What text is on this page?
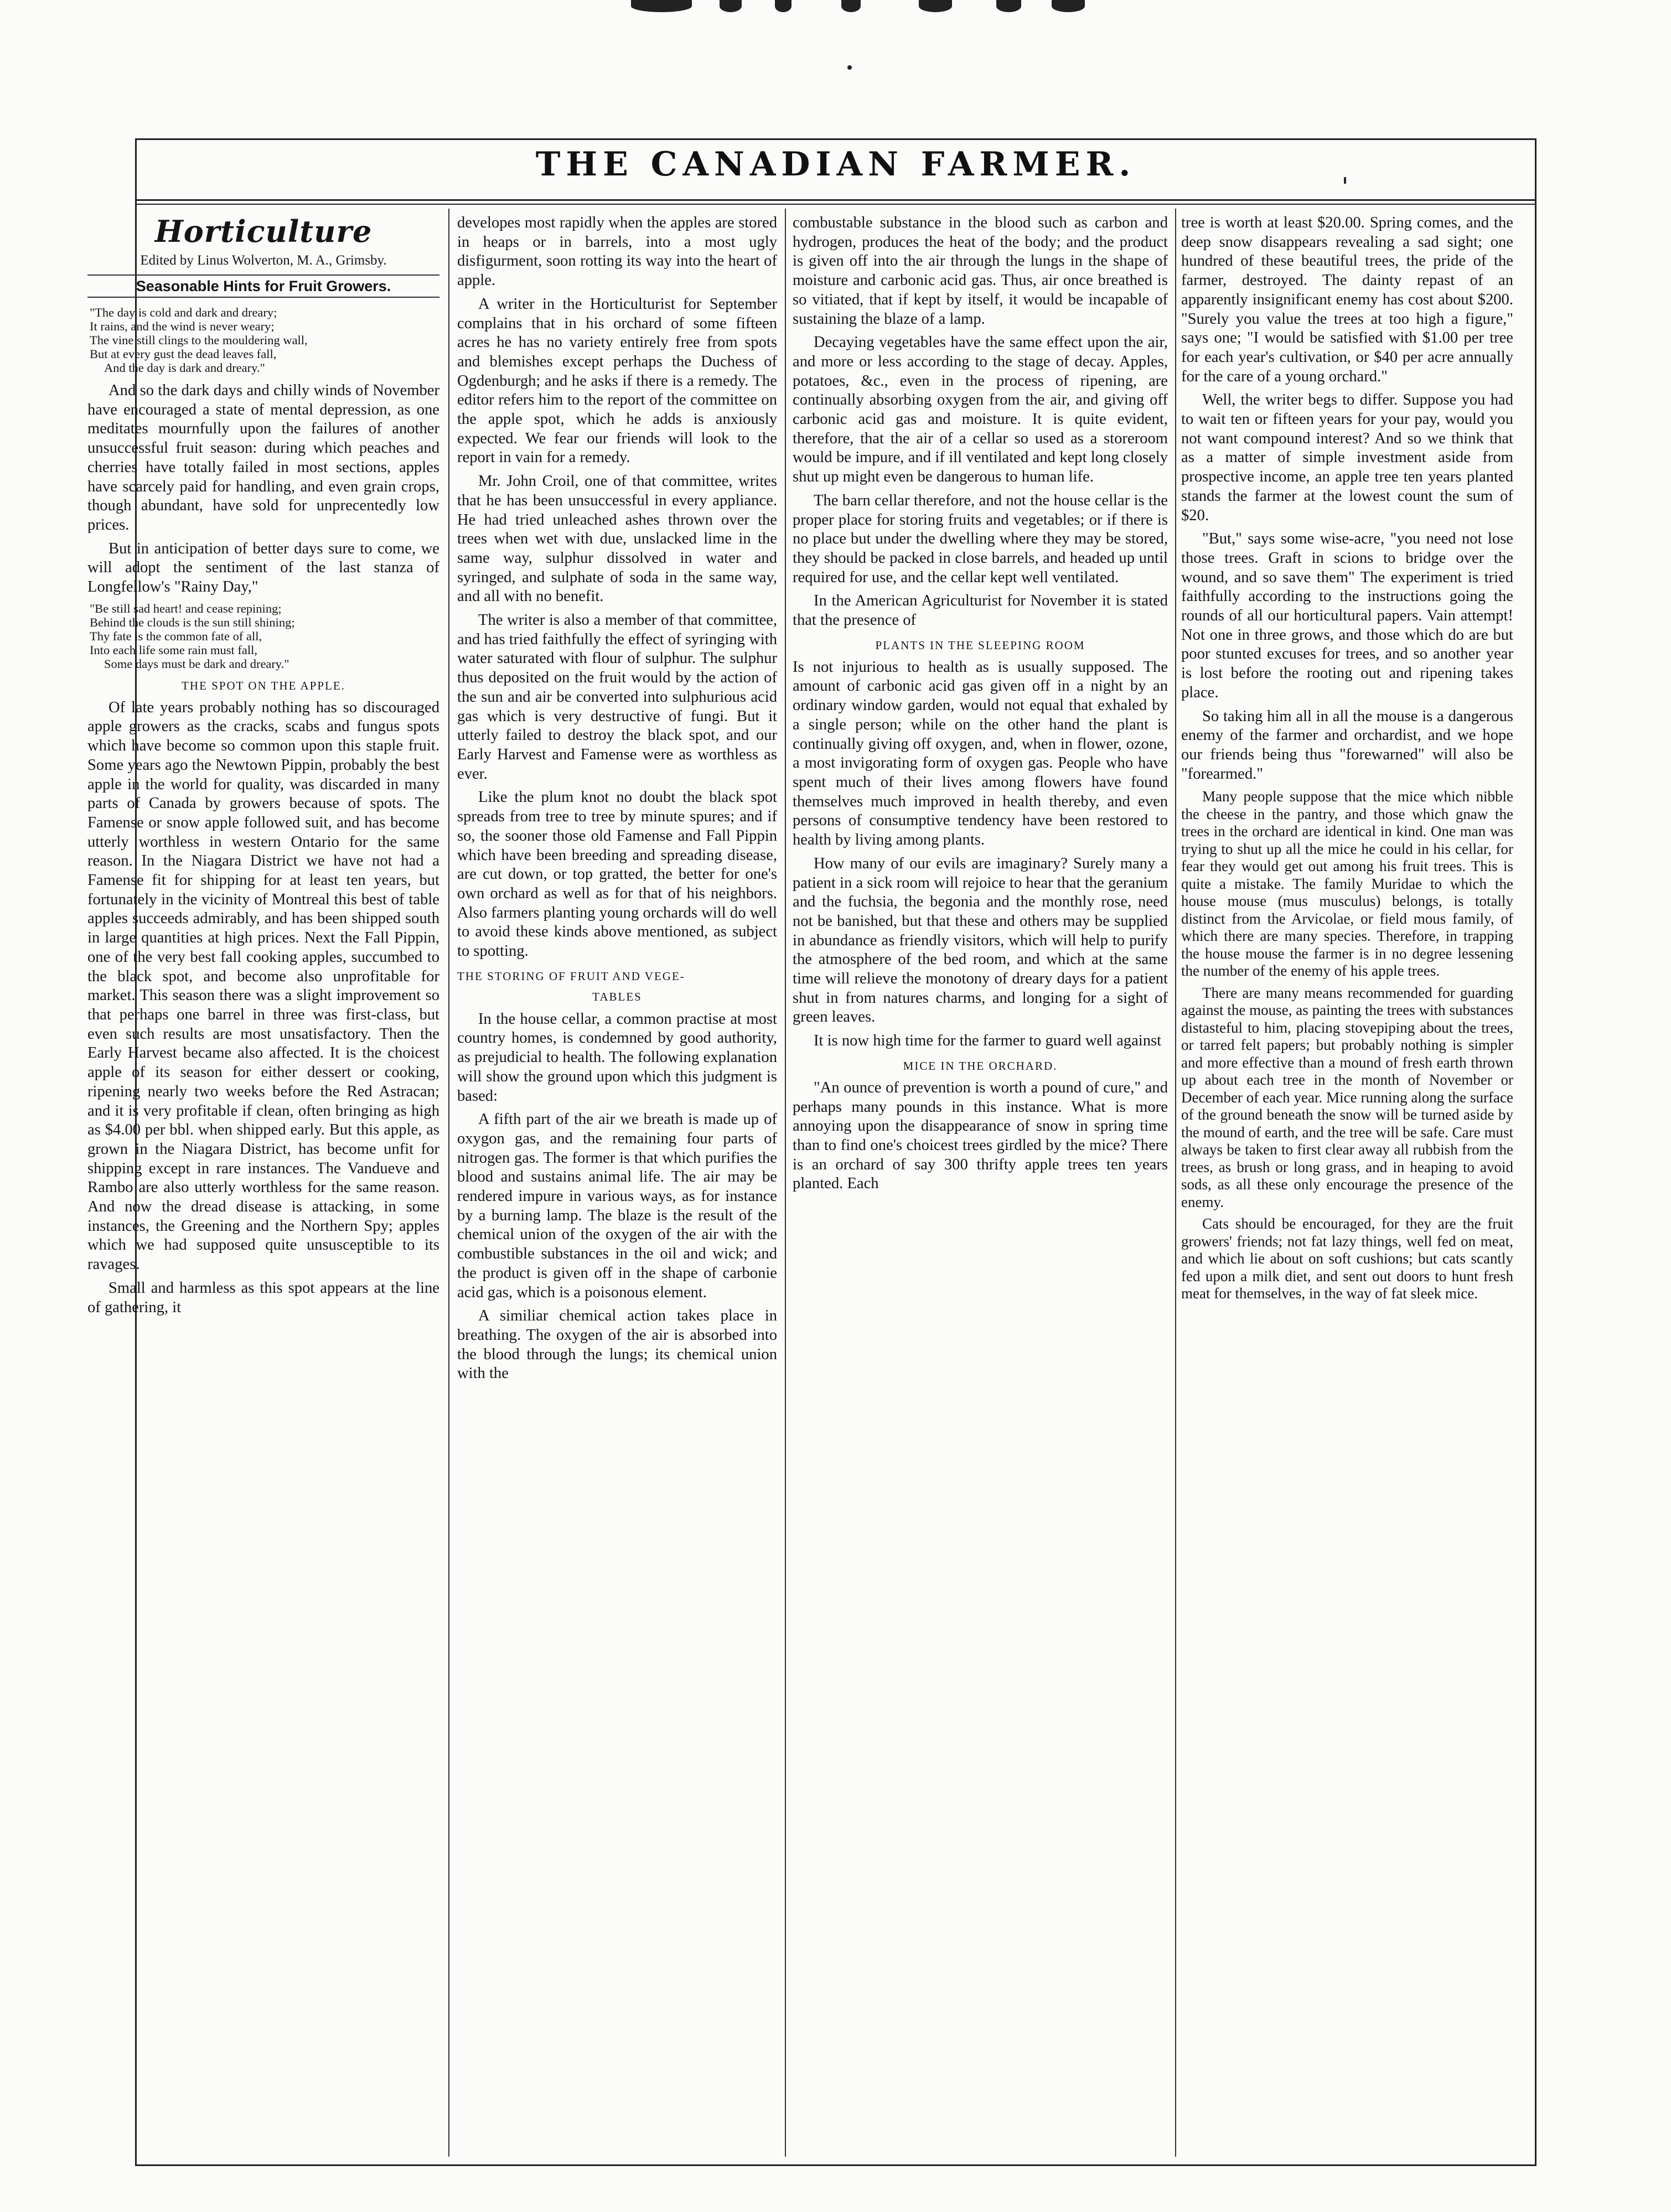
THE CANADIAN FARMER.
Horticulture
Edited by Linus Wolverton, M. A., Grimsby.
Seasonable Hints for Fruit Growers.
"The day is cold and dark and dreary;
It rains, and the wind is never weary;
The vine still clings to the mouldering wall,
But at every gust the dead leaves fall,
And the day is dark and dreary."

And so the dark days and chilly winds of November have encouraged a state of mental depression, as one meditates mournfully upon the failures of another unsuccessful fruit season: during which peaches and cherries have totally failed in most sections, apples have scarcely paid for handling, and even grain crops, though abundant, have sold for unprecentedly low prices.

But in anticipation of better days sure to come, we will adopt the sentiment of the last stanza of Longfellow's "Rainy Day,"

"Be still sad heart! and cease repining;
Behind the clouds is the sun still shining;
Thy fate is the common fate of all,
Into each life some rain must fall,
Some days must be dark and dreary."
THE SPOT ON THE APPLE.

Of late years probably nothing has so discouraged apple growers as the cracks, scabs and fungus spots which have become so common upon this staple fruit. Some years ago the Newtown Pippin, probably the best apple in the world for quality, was discarded in many parts of Canada by growers because of spots. The Famense or snow apple followed suit, and has become utterly worthless in western Ontario for the same reason. In the Niagara District we have not had a Famense fit for shipping for at least ten years, but fortunately in the vicinity of Montreal this best of table apples succeeds admirably, and has been shipped south in large quantities at high prices. Next the Fall Pippin, one of the very best fall cooking apples, succumbed to the black spot, and become also unprofitable for market. This season there was a slight improvement so that perhaps one barrel in three was first-class, but even such results are most unsatisfactory. Then the Early Harvest became also affected. It is the choicest apple of its season for either dessert or cooking, ripening nearly two weeks before the Red Astracan; and it is very profitable if clean, often bringing as high as $4.00 per bbl. when shipped early. But this apple, as grown in the Niagara District, has become unfit for shipping except in rare instances. The Vandueve and Rambo are also utterly worthless for the same reason. And now the dread disease is attacking, in some instances, the Greening and the Northern Spy; apples which we had supposed quite unsusceptible to its ravages.

Small and harmless as this spot appears at the line of gathering, it

developes most rapidly when the apples are stored in heaps or in barrels, into a most ugly disfigurment, soon rotting its way into the heart of apple.

A writer in the Horticulturist for September complains that in his orchard of some fifteen acres he has no variety entirely free from spots and blemishes except perhaps the Duchess of Ogdenburgh; and he asks if there is a remedy. The editor refers him to the report of the committee on the apple spot, which he adds is anxiously expected. We fear our friends will look to the report in vain for a remedy.

Mr. John Croil, one of that committee, writes that he has been unsuccessful in every appliance. He had tried unleached ashes thrown over the trees when wet with due, unslacked lime in the same way, sulphur dissolved in water and syringed, and sulphate of soda in the same way, and all with no benefit.

The writer is also a member of that committee, and has tried faithfully the effect of syringing with water saturated with flour of sulphur. The sulphur thus deposited on the fruit would by the action of the sun and air be converted into sulphurious acid gas which is very destructive of fungi. But it utterly failed to destroy the black spot, and our Early Harvest and Famense were as worthless as ever.

Like the plum knot no doubt the black spot spreads from tree to tree by minute spures; and if so, the sooner those old Famense and Fall Pippin which have been breeding and spreading disease, are cut down, or top gratted, the better for one's own orchard as well as for that of his neighbors. Also farmers planting young orchards will do well to avoid these kinds above mentioned, as subject to spotting.

THE STORING OF FRUIT AND VEGE-
TABLES

In the house cellar, a common practise at most country homes, is condemned by good authority, as prejudicial to health. The following explanation will show the ground upon which this judgment is based:

A fifth part of the air we breath is made up of oxygon gas, and the remaining four parts of nitrogen gas. The former is that which purifies the blood and sustains animal life. The air may be rendered impure in various ways, as for instance by a burning lamp. The blaze is the result of the chemical union of the oxygen of the air with the combustible substances in the oil and wick; and the product is given off in the shape of carbonie acid gas, which is a poisonous element.

A similiar chemical action takes place in breathing. The oxygen of the air is absorbed into the blood through the lungs; its chemical union with the

combustable substance in the blood such as carbon and hydrogen, produces the heat of the body; and the product is given off into the air through the lungs in the shape of moisture and carbonic acid gas. Thus, air once breathed is so vitiated, that if kept by itself, it would be incapable of sustaining the blaze of a lamp.

Decaying vegetables have the same effect upon the air, and more or less according to the stage of decay. Apples, potatoes, &c., even in the process of ripening, are continually absorbing oxygen from the air, and giving off carbonic acid gas and moisture. It is quite evident, therefore, that the air of a cellar so used as a storeroom would be impure, and if ill ventilated and kept long closely shut up might even be dangerous to human life.

The barn cellar therefore, and not the house cellar is the proper place for storing fruits and vegetables; or if there is no place but under the dwelling where they may be stored, they should be packed in close barrels, and headed up until required for use, and the cellar kept well ventilated.

In the American Agriculturist for November it is stated that the presence of

PLANTS IN THE SLEEPING ROOM

Is not injurious to health as is usually supposed. The amount of carbonic acid gas given off in a night by an ordinary window garden, would not equal that exhaled by a single person; while on the other hand the plant is continually giving off oxygen, and, when in flower, ozone, a most invigorating form of oxygen gas. People who have spent much of their lives among flowers have found themselves much improved in health thereby, and even persons of consumptive tendency have been restored to health by living among plants.

How many of our evils are imaginary? Surely many a patient in a sick room will rejoice to hear that the geranium and the fuchsia, the begonia and the monthly rose, need not be banished, but that these and others may be supplied in abundance as friendly visitors, which will help to purify the atmosphere of the bed room, and which at the same time will relieve the monotony of dreary days for a patient shut in from natures charms, and longing for a sight of green leaves.

It is now high time for the farmer to guard well against

MICE IN THE ORCHARD.

"An ounce of prevention is worth a pound of cure," and perhaps many pounds in this instance. What is more annoying upon the disappearance of snow in spring time than to find one's choicest trees girdled by the mice? There is an orchard of say 300 thrifty apple trees ten years planted. Each

tree is worth at least $20.00. Spring comes, and the deep snow disappears revealing a sad sight; one hundred of these beautiful trees, the pride of the farmer, destroyed. The dainty repast of an apparently insignificant enemy has cost about $200. "Surely you value the trees at too high a figure," says one; "I would be satisfied with $1.00 per tree for each year's cultivation, or $40 per acre annually for the care of a young orchard."

Well, the writer begs to differ. Suppose you had to wait ten or fifteen years for your pay, would you not want compound interest? And so we think that as a matter of simple investment aside from prospective income, an apple tree ten years planted stands the farmer at the lowest count the sum of $20.

"But," says some wise-acre, "you need not lose those trees. Graft in scions to bridge over the wound, and so save them" The experiment is tried faithfully according to the instructions going the rounds of all our horticultural papers. Vain attempt! Not one in three grows, and those which do are but poor stunted excuses for trees, and so another year is lost before the rooting out and ripening takes place.

So taking him all in all the mouse is a dangerous enemy of the farmer and orchardist, and we hope our friends being thus "forewarned" will also be "forearmed."

Many people suppose that the mice which nibble the cheese in the pantry, and those which gnaw the trees in the orchard are identical in kind. One man was trying to shut up all the mice he could in his cellar, for fear they would get out among his fruit trees. This is quite a mistake. The family Muridae to which the house mouse (mus musculus) belongs, is totally distinct from the Arvicolae, or field mous family, of which there are many species. Therefore, in trapping the house mouse the farmer is in no degree lessening the number of the enemy of his apple trees.

There are many means recommended for guarding against the mouse, as painting the trees with substances distasteful to him, placing stovepiping about the trees, or tarred felt papers; but probably nothing is simpler and more effective than a mound of fresh earth thrown up about each tree in the month of November or December of each year. Mice running along the surface of the ground beneath the snow will be turned aside by the mound of earth, and the tree will be safe. Care must always be taken to first clear away all rubbish from the trees, as brush or long grass, and in heaping to avoid sods, as all these only encourage the presence of the enemy.

Cats should be encouraged, for they are the fruit growers' friends; not fat lazy things, well fed on meat, and which lie about on soft cushions; but cats scantly fed upon a milk diet, and sent out doors to hunt fresh meat for themselves, in the way of fat sleek mice.
